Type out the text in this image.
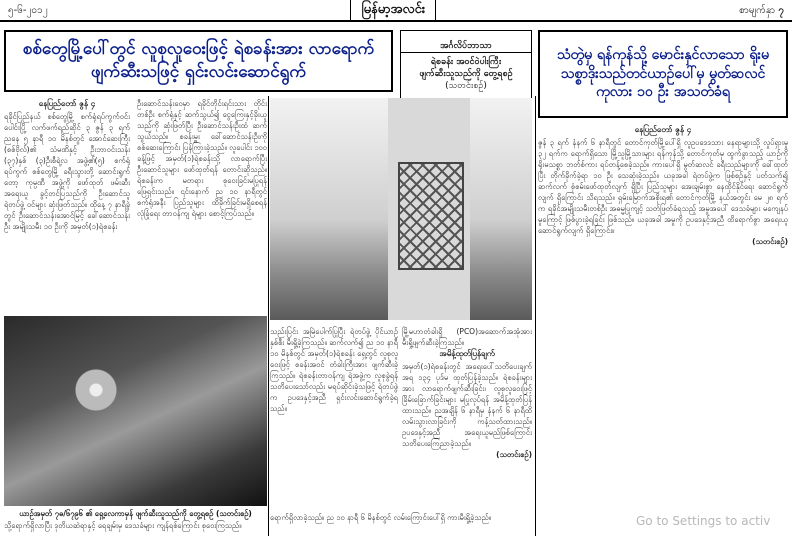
၅-၆-၂၀၁၂	မြန်မာ့အလင်း	စာမျက်နှာ ၇
စစ်တွေမြို့ပေါ်တွင် လူစုလူဝေးဖြင့် ရဲစခန်းအား လာရောက်ဖျက်ဆီးသဖြင့် ရှင်းလင်းဆောင်ရွက်
အင်္ဂလိပ်ဘာသာ
ရဲစခန်း အဝင်ဝဲပါးကြီး
ဖျက်ဆီးသူသည်ကို တွေ့ရစဉ်
(သတင်းစဉ်)
သံတွဲမှ ရန်ကုန်သို့ မောင်းနှင်လာသော ရိုးမသစ္စာဒိုးသည်တင်ယာဉ်ပေါ်မှ မွတ်ဆလင်ကုလား ၁၀ ဦး အသတ်ခံရ
နေပြည်တော် ဇွန် ၄
ရခိုင်ပြည်နယ် စစ်တွေမြို့ စက်ရုံရပ်ကွက်ဝင်းပေါင်းပြို့ လက်ဖက်ရည်ဆိုင် ၃ ဇွန် ၃ ရက် ညနေ ၅ နာရီ ၁၀ မိနစ်တွင် အောင်ဆေးကြီး (စစ်ဗိုလ်)၏ သံမဏိနှင့် ဦးဘာဝင်းသန်း (၃၇)နှစ် (၃)ဦးစီရဲ့လ အဖွဲ့၏(၅) စက်ရုံရပ်ကွက် စစ်တွေမြို့ ခရီးသွားတို့ ဆောင်းရွက်တော့ ကုမ္ပဏီ အဖွဲ့ကို ဖော်ထုတ် ဖမ်းဆီးအရေးယူ ခွင့်တင်ပြသည်ကို ဦးဆောင်သူ ရဲတပ်ဖွဲ့ ဝင်များ ဆုံးဖြတ်သည်။ ထိုနေ့ ၇ နာရီခွဲတွင် ဦးဆောင်သန်းအောင်မြင့် ခေါ်ဆောင်သန်းဦး အမျိုးသမီး ၁၀ ဦးကို အမှတ်(၁)ရဲစခန်း
ဦးဆောင်သန်းဝေမှာ ရခိုင်တိုင်းရင်းသား တိုင်းတစ်ဦး စက်ရုံနှင့် ဆက်သွယ်၍ ငွေကြေးနှင့်ခိုးယူသည်ကို ဆုံးဖြတ်ပြီး ဦးဆောင်သန်းဦးထံ ဆက်သွယ်သည်။ စခန်းမှူး ခေါ်ဆောင်သန်းဦးကို စစ်ဆေးကြောင်း ပြန်ကြားခဲ့သည်။ လူပေါင်း ၁၀၀ ခန့်ဖြင့် အမှတ်(၁)ရဲစခန်းသို့ လာရောက်ပြီး ဦးဆောင်သူများ ဖော်ထုတ်ရန် တောင်းဆိုသည်။ ရဲစခန်းက မတရား စုဝေးခြင်းမပြုရန် ဖြေရှင်းသည်။ ၎င်းနောက် ည ၁၀ နာရီတွင် စက်ရုံအနီး ပြည်သူများ ထိခိုက်ခြင်းမရှိစေရန် လုံခြုံရေး တာဝန်ကျ ရဲများ စောင့်ကြပ်သည်။
သည်းပြင်း အမြဲပေါက်ပြုပြီး ရဲတပ်ဖွဲ့ ပိုင်ယာဉ်နှစ်စီး မီးရှို့ခဲ့ကြသည်။ ဆက်လက်၍ ည ၁၀ နာရီ ၁၀ မိနစ်တွင် အမှတ်(၁)ရဲစခန်း ရှေ့တွင် လူစုလူဝေးဖြင့် စခန်းအဝင် တံခါးကြီးအား ဖျက်ဆီးခဲ့ကြသည်။ ရဲစခန်းတာဝန်ကျ ရဲအဖွဲ့က လူစုခွဲရန် သတိပေးသော်လည်း မရပ်ဆိုင်းခဲ့သဖြင့် ရဲတပ်ဖွဲ့က ဥပဒေနှင့်အညီ ရှင်းလင်းဆောင်ရွက်ခဲ့ရသည်။
မြို့မဟာတံခါးရှိ (PCO)အဆောက်အအုံအား မီးရှို့ဖျက်ဆီးခဲ့ကြသည်။
အမိန့်ထုတ်ပြန်ချက်
အမှတ်(၁)ရဲစခန်းတွင် အရေးပေါ်သတိပေးချက်အရ ၁၃၄ ပုဒ်မ ထုတ်ပြန်ခဲ့သည်။ ရဲစခန်းများအား လာရောက်ဖျက်ဆီးခြင်း၊ လူစုလူဝေးဖြင့် ခြိမ်းခြောက်ခြင်းများ မပြုလုပ်ရန် အမိန့်ထုတ်ပြန်ထားသည်။ ညအချိန် ၆ နာရီမှ နံနက် ၆ နာရီထိ လမ်းသွားလာခြင်းကို ကန့်သတ်ထားသည်။ ဥပဒေနှင့်အညီ အရေးယူမည်ဖြစ်ကြောင်း သတိပေးကြေညာခဲ့သည်။
(သတင်းစဉ်)
နေပြည်တော် ဇွန် ၄
ဇွန် ၃ ရက် နံနက် ၆ နာရီတွင် တောင်ကုတ်မြို့ပေါ်ရှိ လူဥပဒေဒသား နေရာများသို့ လှုပ်ရှားမှု ၃၂ ရက်က ရောက်ရှိသော မြို့သူမြို့သားများ ရန်ကုန်သို့ တောင်ကုတ်မှ ထွက်ခွာသည့် ယာဉ်ကို ရိုးမသစ္စာ ဘတ်စ်ကား ရပ်တန့်စေခဲ့သည်။ ကားပေါ်ရှိ မွတ်ဆလင် ခရီးသည်များကို ခေါ်ထုတ်ပြီး တိုက်ခိုက်ခဲ့ရာ ၁၀ ဦး သေဆုံးခဲ့သည်။ ယခုအခါ ရဲတပ်ဖွဲ့က ဖြစ်စဉ်နှင့် ပတ်သက်၍ ဆက်လက် စုံစမ်းဖော်ထုတ်လျက် ရှိပြီး ပြည်သူများ အေးချမ်းစွာ နေထိုင်နိုင်ရေး ဆောင်ရွက်လျက် ရှိကြောင်း သိရသည်။ ရှမ်းမြောက်အစိုးရ၏ တောင်ကုတ်မြို့ နယ်အတွင်း မေ ၂၈ ရက်က ရခိုင်အမျိုးသမီးတစ်ဦး အဓမ္မပြုကျင့် သတ်ဖြတ်ခံရသည့် အမှုအပေါ် ဒေသခံများ မကျေနပ်မှုကြောင့် ဖြစ်ပွားခဲ့ရခြင်း ဖြစ်သည်။ ယခုအခါ အမှုကို ဥပဒေနှင့်အညီ ထိရောက်စွာ အရေးယူဆောင်ရွက်လျက် ရှိကြောင်း။
(သတင်းစဉ်)
ယာဉ်အမှတ် ၇ဓ/၆၇၉၆ ၏ ရှေ့လေကာမှန် ဖျက်ဆီးသူသည်ကို တွေ့ရစဉ် (သတင်းစဉ်)
သို့ရောက်ရှိလာပြီး ဒုတိယဆဲရာနှင့် ရေချမ်းမှ ဒေသခံများ ကျန်ရစ်ကြောင်း စုဝေးကြသည်။
ရောက်ရှိလာခဲ့သည်။ ည ၁၀ နာရီ ၆ မိနစ်တွင် လမ်းကြောင်းပေါ်ရှိ ကားမီးရှို့ခဲ့သည်။	Go to Settings to activ
